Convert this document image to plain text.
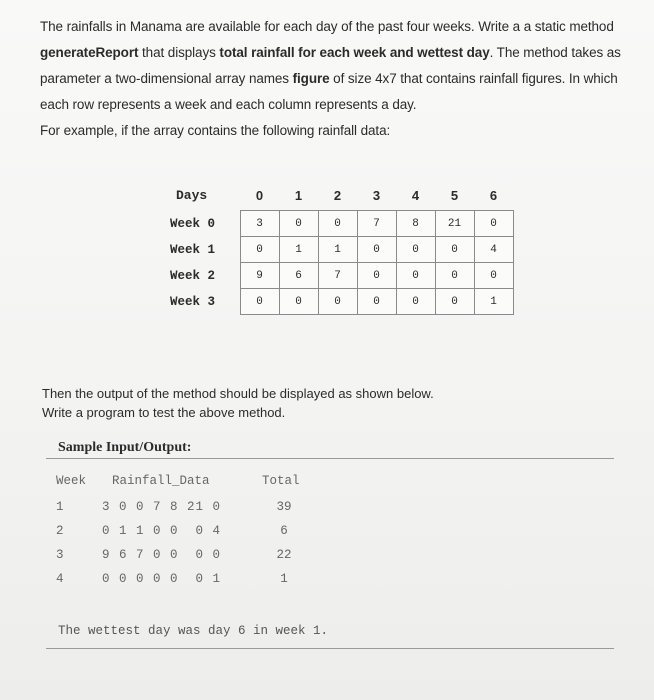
The rainfalls in Manama are available for each day of the past four weeks. Write a a static method

generateReport that displays total rainfall for each week and wettest day. The method takes as

parameter a two-dimensional array names figure of size 4x7 that contains rainfall figures. In which

each row represents a week and each column represents a day.

For example, if the array contains the following rainfall data:

Days	0	1	2	3	4	5	6
Week 0	3	0	0	7	8	21	0
Week 1	0	1	1	0	0	0	4
Week 2	9	6	7	0	0	0	0
Week 3	0	0	0	0	0	0	1

Then the output of the method should be displayed as shown below.

Write a program to test the above method.

Sample Input/Output:
Week Rainfall_Data	Total
1	3 0 0 7 8 21 0	39
2	0 1 1 0 0  0 4	6
3	9 6 7 0 0  0 0	22
4	0 0 0 0 0  0 1	1
The wettest day was day 6 in week 1.
